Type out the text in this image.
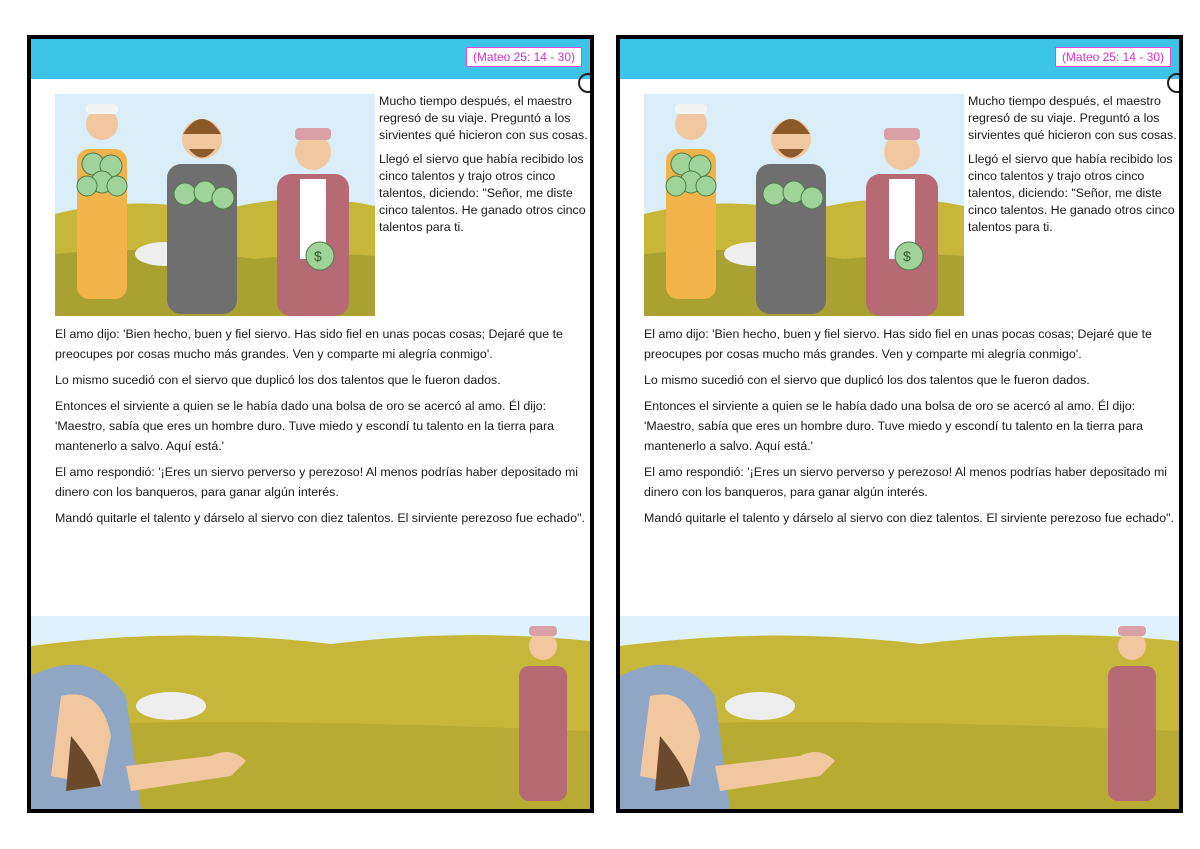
(Mateo 25: 14 - 30)
$

Mucho tiempo después, el maestro regresó de su viaje. Preguntó a los sirvientes qué hicieron con sus cosas.

Llegó el siervo que había recibido los cinco talentos y trajo otros cinco talentos, diciendo: "Señor, me diste cinco talentos. He ganado otros cinco talentos para ti.

El amo dijo: 'Bien hecho, buen y fiel siervo. Has sido fiel en unas pocas cosas; Dejaré que te preocupes por cosas mucho más grandes. Ven y comparte mi alegría conmigo'.

Lo mismo sucedió con el siervo que duplicó los dos talentos que le fueron dados.

Entonces el sirviente a quien se le había dado una bolsa de oro se acercó al amo. Él dijo: 'Maestro, sabía que eres un hombre duro. Tuve miedo y escondí tu talento en la tierra para mantenerlo a salvo. Aquí está.'

El amo respondió: '¡Eres un siervo perverso y perezoso! Al menos podrías haber depositado mi dinero con los banqueros, para ganar algún interés.

Mandó quitarle el talento y dárselo al siervo con diez talentos. El sirviente perezoso fue echado".

(Mateo 25: 14 - 30)
$

Mucho tiempo después, el maestro regresó de su viaje. Preguntó a los sirvientes qué hicieron con sus cosas.

Llegó el siervo que había recibido los cinco talentos y trajo otros cinco talentos, diciendo: "Señor, me diste cinco talentos. He ganado otros cinco talentos para ti.

El amo dijo: 'Bien hecho, buen y fiel siervo. Has sido fiel en unas pocas cosas; Dejaré que te preocupes por cosas mucho más grandes. Ven y comparte mi alegría conmigo'.

Lo mismo sucedió con el siervo que duplicó los dos talentos que le fueron dados.

Entonces el sirviente a quien se le había dado una bolsa de oro se acercó al amo. Él dijo: 'Maestro, sabía que eres un hombre duro. Tuve miedo y escondí tu talento en la tierra para mantenerlo a salvo. Aquí está.'

El amo respondió: '¡Eres un siervo perverso y perezoso! Al menos podrías haber depositado mi dinero con los banqueros, para ganar algún interés.

Mandó quitarle el talento y dárselo al siervo con diez talentos. El sirviente perezoso fue echado".
